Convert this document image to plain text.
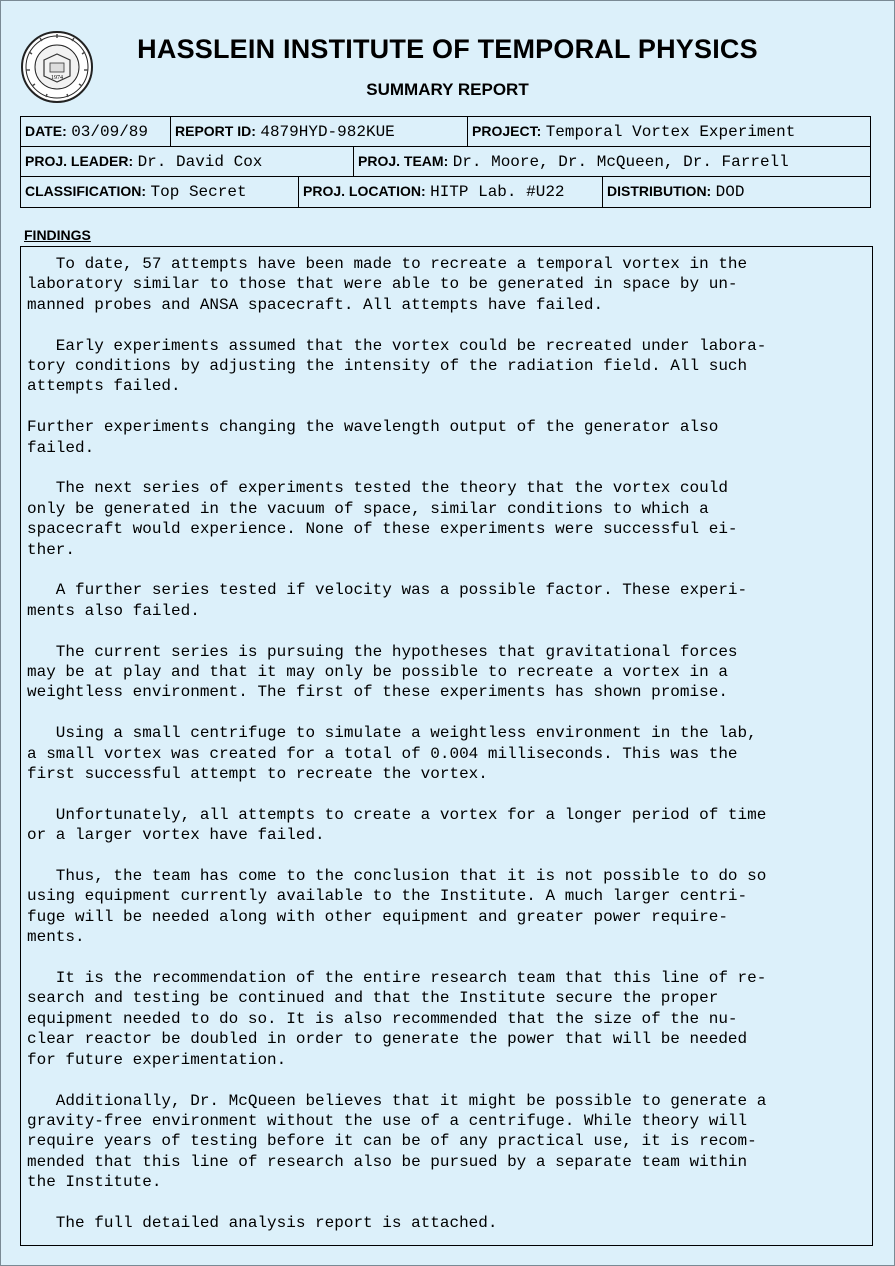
1974
HASSLEIN INSTITUTE OF TEMPORAL PHYSICS
SUMMARY REPORT
DATE: 03/09/89	REPORT ID: 4879HYD-982KUE	PROJECT: Temporal Vortex Experiment
PROJ. LEADER: Dr. David Cox	PROJ. TEAM: Dr. Moore, Dr. McQueen, Dr. Farrell
CLASSIFICATION: Top Secret	PROJ. LOCATION: HITP Lab. #U22	DISTRIBUTION: DOD
FINDINGS

To date, 57 attempts have been made to recreate a temporal vortex in the
laboratory similar to those that were able to be generated in space by un-
manned probes and ANSA spacecraft. All attempts have failed.

Early experiments assumed that the vortex could be recreated under labora-
tory conditions by adjusting the intensity of the radiation field. All such
attempts failed.

Further experiments changing the wavelength output of the generator also
failed.

The next series of experiments tested the theory that the vortex could
only be generated in the vacuum of space, similar conditions to which a
spacecraft would experience. None of these experiments were successful ei-
ther.

A further series tested if velocity was a possible factor. These experi-
ments also failed.

The current series is pursuing the hypotheses that gravitational forces
may be at play and that it may only be possible to recreate a vortex in a
weightless environment. The first of these experiments has shown promise.

Using a small centrifuge to simulate a weightless environment in the lab,
a small vortex was created for a total of 0.004 milliseconds. This was the
first successful attempt to recreate the vortex.

Unfortunately, all attempts to create a vortex for a longer period of time
or a larger vortex have failed.

Thus, the team has come to the conclusion that it is not possible to do so
using equipment currently available to the Institute. A much larger centri-
fuge will be needed along with other equipment and greater power require-
ments.

It is the recommendation of the entire research team that this line of re-
search and testing be continued and that the Institute secure the proper
equipment needed to do so. It is also recommended that the size of the nu-
clear reactor be doubled in order to generate the power that will be needed
for future experimentation.

Additionally, Dr. McQueen believes that it might be possible to generate a
gravity-free environment without the use of a centrifuge. While theory will
require years of testing before it can be of any practical use, it is recom-
mended that this line of research also be pursued by a separate team within
the Institute.

The full detailed analysis report is attached.
